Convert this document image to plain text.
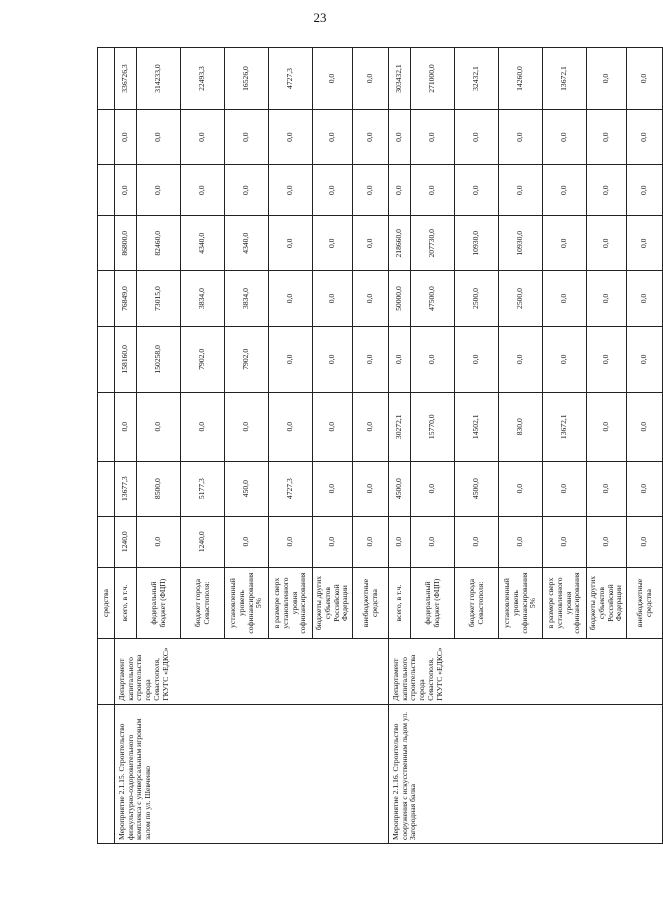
23
		средства									
Мероприятие 2.1.15. Строительство физкультурно-оздоровительного комплекса с универсальным игровым залом по ул. Шевченко	Департамент капитального строительства города Севастополя, ГКУГС «ЕДКС»	всего, в т.ч.	1240,0	13677,3	0,0	158160,0	76849,0	86800,0	0,0	0,0	336726,3
		федеральный бюджет (ФЦП)	0,0	8500,0	0,0	150258,0	73015,0	82460,0	0,0	0,0	314233,0
		бюджет города Севастополя:	1240,0	5177,3	0,0	7902,0	3834,0	4340,0	0,0	0,0	22493,3
		установленный уровень софинансирования 5%	0,0	450,0	0,0	7902,0	3834,0	4340,0	0,0	0,0	16526,0
		в размере сверх установленного уровня софинансирования	0,0	4727,3	0,0	0,0	0,0	0,0	0,0	0,0	4727,3
		бюджеты других субъектов Российской Федерации	0,0	0,0	0,0	0,0	0,0	0,0	0,0	0,0	0,0
		внебюджетные средства	0,0	0,0	0,0	0,0	0,0	0,0	0,0	0,0	0,0
Мероприятие 2.1.16. Строительство сооружения с искусственным льдом ул. Загородная балка	Департамент капитального строительства города Севастополя, ГКУГС «ЕДКС»	всего, в т.ч.	0,0	4500,0	30272,1	0,0	50000,0	218660,0	0,0	0,0	303432,1
		федеральный бюджет (ФЦП)	0,0	0,0	15770,0	0,0	47500,0	207730,0	0,0	0,0	271000,0
		бюджет города Севастополя:	0,0	4500,0	14502,1	0,0	2500,0	10930,0	0,0	0,0	32432,1
		установленный уровень софинансирования 5%	0,0	0,0	830,0	0,0	2500,0	10930,0	0,0	0,0	14260,0
		в размере сверх установленного уровня софинансирования	0,0	0,0	13672,1	0,0	0,0	0,0	0,0	0,0	13672,1
		бюджеты других субъектов Российской Федерации	0,0	0,0	0,0	0,0	0,0	0,0	0,0	0,0	0,0
		внебюджетные средства	0,0	0,0	0,0	0,0	0,0	0,0	0,0	0,0	0,0
